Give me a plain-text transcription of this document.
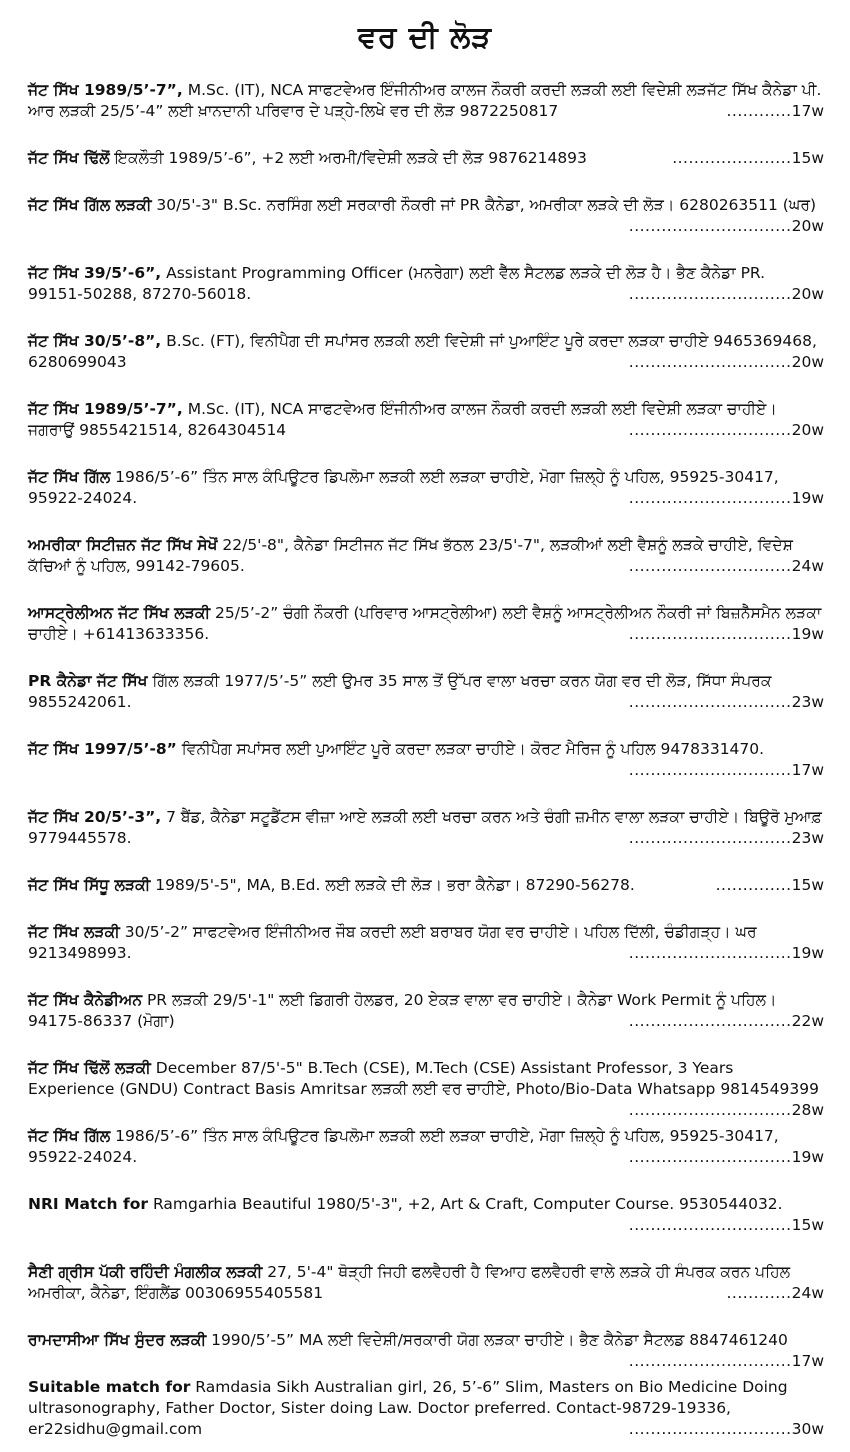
ਵਰ ਦੀ ਲੋੜ
ਜੱਟ ਸਿੱਖ 1989/5’-7”, M.Sc. (IT), NCA ਸਾਫਟਵੇਅਰ ਇੰਜੀਨੀਅਰ ਕਾਲਜ ਨੌਕਰੀ ਕਰਦੀ ਲੜਕੀ ਲਈ ਵਿਦੇਸ਼ੀ ਲੜਜੱਟ ਸਿੱਖ ਕੈਨੇਡਾ ਪੀ. ਆਰ ਲੜਕੀ 25/5’-4” ਲਈ ਖ਼ਾਨਦਾਨੀ ਪਰਿਵਾਰ ਦੇ ਪੜ੍ਹੇ-ਲਿਖੇ ਵਰ ਦੀ ਲੋੜ 9872250817	............17w
ਜੱਟ ਸਿੱਖ ਢਿੱਲੋਂ ਇਕਲੌਤੀ 1989/5’-6”, +2 ਲਈ ਅਰਮੀ/ਵਿਦੇਸ਼ੀ ਲੜਕੇ ਦੀ ਲੋੜ 9876214893	......................15w
ਜੱਟ ਸਿੱਖ ਗਿੱਲ ਲੜਕੀ 30/5'-3" B.Sc. ਨਰਸਿੰਗ ਲਈ ਸਰਕਾਰੀ ਨੌਕਰੀ ਜਾਂ PR ਕੈਨੇਡਾ, ਅਮਰੀਕਾ ਲੜਕੇ ਦੀ ਲੋੜ। 6280263511 (ਘਰ)
..............................20w
ਜੱਟ ਸਿੱਖ 39/5’-6”, Assistant Programming Officer (ਮਨਰੇਗਾ) ਲਈ ਵੈੱਲ ਸੈਟਲਡ ਲੜਕੇ ਦੀ ਲੋੜ ਹੈ। ਭੈਣ ਕੈਨੇਡਾ PR. 99151-50288, 87270-56018.	..............................20w
ਜੱਟ ਸਿੱਖ 30/5’-8”, B.Sc. (FT), ਵਿਨੀਪੈਗ ਦੀ ਸਪਾਂਸਰ ਲੜਕੀ ਲਈ ਵਿਦੇਸ਼ੀ ਜਾਂ ਪੁਆਇੰਟ ਪੂਰੇ ਕਰਦਾ ਲੜਕਾ ਚਾਹੀਏ 9465369468, 6280699043	..............................20w
ਜੱਟ ਸਿੱਖ 1989/5’-7”, M.Sc. (IT), NCA ਸਾਫਟਵੇਅਰ ਇੰਜੀਨੀਅਰ ਕਾਲਜ ਨੌਕਰੀ ਕਰਦੀ ਲੜਕੀ ਲਈ ਵਿਦੇਸ਼ੀ ਲੜਕਾ ਚਾਹੀਏ। ਜਗਰਾਉਂ 9855421514, 8264304514	..............................20w
ਜੱਟ ਸਿੱਖ ਗਿੱਲ 1986/5’-6” ਤਿੰਨ ਸਾਲ ਕੰਪਿਊਟਰ ਡਿਪਲੋਮਾ ਲੜਕੀ ਲਈ ਲੜਕਾ ਚਾਹੀਏ, ਮੋਗਾ ਜ਼ਿਲ੍ਹੇ ਨੂੰ ਪਹਿਲ, 95925-30417, 95922-24024.	..............................19w
ਅਮਰੀਕਾ ਸਿਟੀਜ਼ਨ ਜੱਟ ਸਿੱਖ ਸੇਖੋਂ 22/5'-8", ਕੈਨੇਡਾ ਸਿਟੀਜਨ ਜੱਟ ਸਿੱਖ ਭੱਠਲ 23/5'-7", ਲੜਕੀਆਂ ਲਈ ਵੈਸ਼ਨੂੰ ਲੜਕੇ ਚਾਹੀਏ, ਵਿਦੇਸ਼ ਕੱਚਿਆਂ ਨੂੰ ਪਹਿਲ, 99142-79605.	..............................24w
ਆਸਟ੍ਰੇਲੀਅਨ ਜੱਟ ਸਿੱਖ ਲੜਕੀ 25/5’-2” ਚੰਗੀ ਨੌਕਰੀ (ਪਰਿਵਾਰ ਆਸਟ੍ਰੇਲੀਆ) ਲਈ ਵੈਸ਼ਨੂੰ ਆਸਟ੍ਰੇਲੀਅਨ ਨੌਕਰੀ ਜਾਂ ਬਿਜ਼ਨੈੱਸਮੈਨ ਲੜਕਾ ਚਾਹੀਏ। +61413633356.	..............................19w
PR ਕੈਨੇਡਾ ਜੱਟ ਸਿੱਖ ਗਿੱਲ ਲੜਕੀ 1977/5’-5” ਲਈ ਉਮਰ 35 ਸਾਲ ਤੋਂ ਉੱਪਰ ਵਾਲਾ ਖਰਚਾ ਕਰਨ ਯੋਗ ਵਰ ਦੀ ਲੋੜ, ਸਿੱਧਾ ਸੰਪਰਕ 9855242061.	..............................23w
ਜੱਟ ਸਿੱਖ 1997/5’-8” ਵਿਨੀਪੈਗ ਸਪਾਂਸਰ ਲਈ ਪੁਆਇੰਟ ਪੂਰੇ ਕਰਦਾ ਲੜਕਾ ਚਾਹੀਏ। ਕੋਰਟ ਮੈਰਿਜ ਨੂੰ ਪਹਿਲ 9478331470.
..............................17w
ਜੱਟ ਸਿੱਖ 20/5’-3”, 7 ਬੈਂਡ, ਕੈਨੇਡਾ ਸਟੂਡੈਂਟਸ ਵੀਜ਼ਾ ਆਏ ਲੜਕੀ ਲਈ ਖਰਚਾ ਕਰਨ ਅਤੇ ਚੰਗੀ ਜ਼ਮੀਨ ਵਾਲਾ ਲੜਕਾ ਚਾਹੀਏ। ਬਿਊਰੋ ਮੁਆਫ਼ 9779445578.	..............................23w
ਜੱਟ ਸਿੱਖ ਸਿੱਧੂ ਲੜਕੀ 1989/5'-5", MA, B.Ed. ਲਈ ਲੜਕੇ ਦੀ ਲੋੜ। ਭਰਾ ਕੈਨੇਡਾ। 87290-56278.	..............15w
ਜੱਟ ਸਿੱਖ ਲੜਕੀ 30/5’-2” ਸਾਫਟਵੇਅਰ ਇੰਜੀਨੀਅਰ ਜੌਬ ਕਰਦੀ ਲਈ ਬਰਾਬਰ ਯੋਗ ਵਰ ਚਾਹੀਏ। ਪਹਿਲ ਦਿੱਲੀ, ਚੰਡੀਗੜ੍ਹ। ਘਰ 9213498993.	..............................19w
ਜੱਟ ਸਿੱਖ ਕੈਨੇਡੀਅਨ PR ਲੜਕੀ 29/5'-1" ਲਈ ਡਿਗਰੀ ਹੋਲਡਰ, 20 ਏਕੜ ਵਾਲਾ ਵਰ ਚਾਹੀਏ। ਕੈਨੇਡਾ Work Permit ਨੂੰ ਪਹਿਲ। 94175-86337 (ਮੋਗਾ)	..............................22w
ਜੱਟ ਸਿੱਖ ਢਿੱਲੋਂ ਲੜਕੀ December 87/5'-5" B.Tech (CSE), M.Tech (CSE) Assistant Professor, 3 Years Experience (GNDU) Contract Basis Amritsar ਲੜਕੀ ਲਈ ਵਰ ਚਾਹੀਏ, Photo/Bio-Data Whatsapp 9814549399
..............................28w
ਜੱਟ ਸਿੱਖ ਗਿੱਲ 1986/5’-6” ਤਿੰਨ ਸਾਲ ਕੰਪਿਊਟਰ ਡਿਪਲੋਮਾ ਲੜਕੀ ਲਈ ਲੜਕਾ ਚਾਹੀਏ, ਮੋਗਾ ਜ਼ਿਲ੍ਹੇ ਨੂੰ ਪਹਿਲ, 95925-30417, 95922-24024.	..............................19w
NRI Match for Ramgarhia Beautiful 1980/5'-3", +2, Art & Craft, Computer Course. 9530544032.
..............................15w
ਸੈਣੀ ਗ੍ਰੀਸ ਪੱਕੀ ਰਹਿੰਦੀ ਮੰਗਲੀਕ ਲੜਕੀ 27, 5'-4" ਥੋੜ੍ਹੀ ਜਿਹੀ ਫਲਵੈਹਰੀ ਹੈ ਵਿਆਹ ਫਲਵੈਹਰੀ ਵਾਲੇ ਲੜਕੇ ਹੀ ਸੰਪਰਕ ਕਰਨ ਪਹਿਲ ਅਮਰੀਕਾ, ਕੈਨੇਡਾ, ਇੰਗਲੈਂਡ 00306955405581	............24w
ਰਾਮਦਾਸੀਆ ਸਿੱਖ ਸੁੰਦਰ ਲੜਕੀ 1990/5’-5” MA ਲਈ ਵਿਦੇਸ਼ੀ/ਸਰਕਾਰੀ ਯੋਗ ਲੜਕਾ ਚਾਹੀਏ। ਭੈਣ ਕੈਨੇਡਾ ਸੈਟਲਡ 8847461240
..............................17w
Suitable match for Ramdasia Sikh Australian girl, 26, 5’-6” Slim, Masters on Bio Medicine Doing ultrasonography, Father Doctor, Sister doing Law. Doctor preferred. Contact-98729-19336, er22sidhu@gmail.com	..............................30w
